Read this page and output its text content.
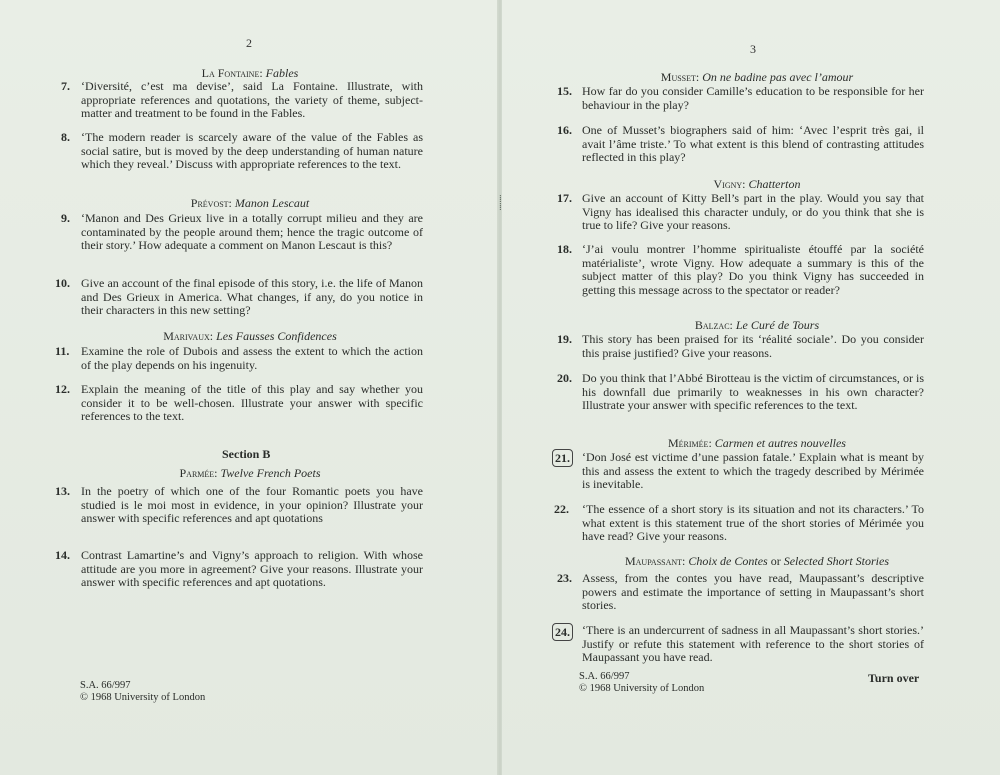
2
La Fontaine: Fables
7. ‘Diversité, c’est ma devise’, said La Fontaine. Illustrate, with appropriate references and quotations, the variety of theme, subject-matter and treatment to be found in the Fables.

8. ‘The modern reader is scarcely aware of the value of the Fables as social satire, but is moved by the deep understanding of human nature which they reveal.’ Discuss with appropriate references to the text.

Prévost: Manon Lescaut
9. ‘Manon and Des Grieux live in a totally corrupt milieu and they are contaminated by the people around them; hence the tragic outcome of their story.’ How adequate a comment on Manon Lescaut is this?

10. Give an account of the final episode of this story, i.e. the life of Manon and Des Grieux in America. What changes, if any, do you notice in their characters in this new setting?

Marivaux: Les Fausses Confidences
11. Examine the role of Dubois and assess the extent to which the action of the play depends on his ingenuity.

12. Explain the meaning of the title of this play and say whether you consider it to be well-chosen. Illustrate your answer with specific references to the text.

Section B
Parmée: Twelve French Poets
13. In the poetry of which one of the four Romantic poets you have studied is le moi most in evidence, in your opinion? Illustrate your answer with specific references and apt quotations

14. Contrast Lamartine’s and Vigny’s approach to religion. With whose attitude are you more in agreement? Give your reasons. Illustrate your answer with specific references and apt quotations.

S.A. 66/997
© 1968 University of London
⁞
⁞
3
Musset: On ne badine pas avec l’amour
15. How far do you consider Camille’s education to be responsible for her behaviour in the play?

16. One of Musset’s biographers said of him: ‘Avec l’esprit très gai, il avait l’âme triste.’ To what extent is this blend of contrasting attitudes reflected in this play?

Vigny: Chatterton
17. Give an account of Kitty Bell’s part in the play. Would you say that Vigny has idealised this character unduly, or do you think that she is true to life? Give your reasons.

18. ‘J’ai voulu montrer l’homme spiritualiste étouffé par la société matérialiste’, wrote Vigny. How adequate a summary is this of the subject matter of this play? Do you think Vigny has succeeded in getting this message across to the spectator or reader?

Balzac: Le Curé de Tours
19. This story has been praised for its ‘réalité sociale’. Do you consider this praise justified? Give your reasons.

20. Do you think that l’Abbé Birotteau is the victim of circumstances, or is his downfall due primarily to weaknesses in his own character? Illustrate your answer with specific references to the text.

Mérimée: Carmen et autres nouvelles
21. ‘Don José est victime d’une passion fatale.’ Explain what is meant by this and assess the extent to which the tragedy described by Mérimée is inevitable.

22. ‘The essence of a short story is its situation and not its characters.’ To what extent is this statement true of the short stories of Mérimée you have read? Give your reasons.

Maupassant: Choix de Contes or Selected Short Stories
23. Assess, from the contes you have read, Maupassant’s descriptive powers and estimate the importance of setting in Maupassant’s short stories.

24. ‘There is an undercurrent of sadness in all Maupassant’s short stories.’ Justify or refute this statement with reference to the short stories of Maupassant you have read.

S.A. 66/997
© 1968 University of London
Turn over
